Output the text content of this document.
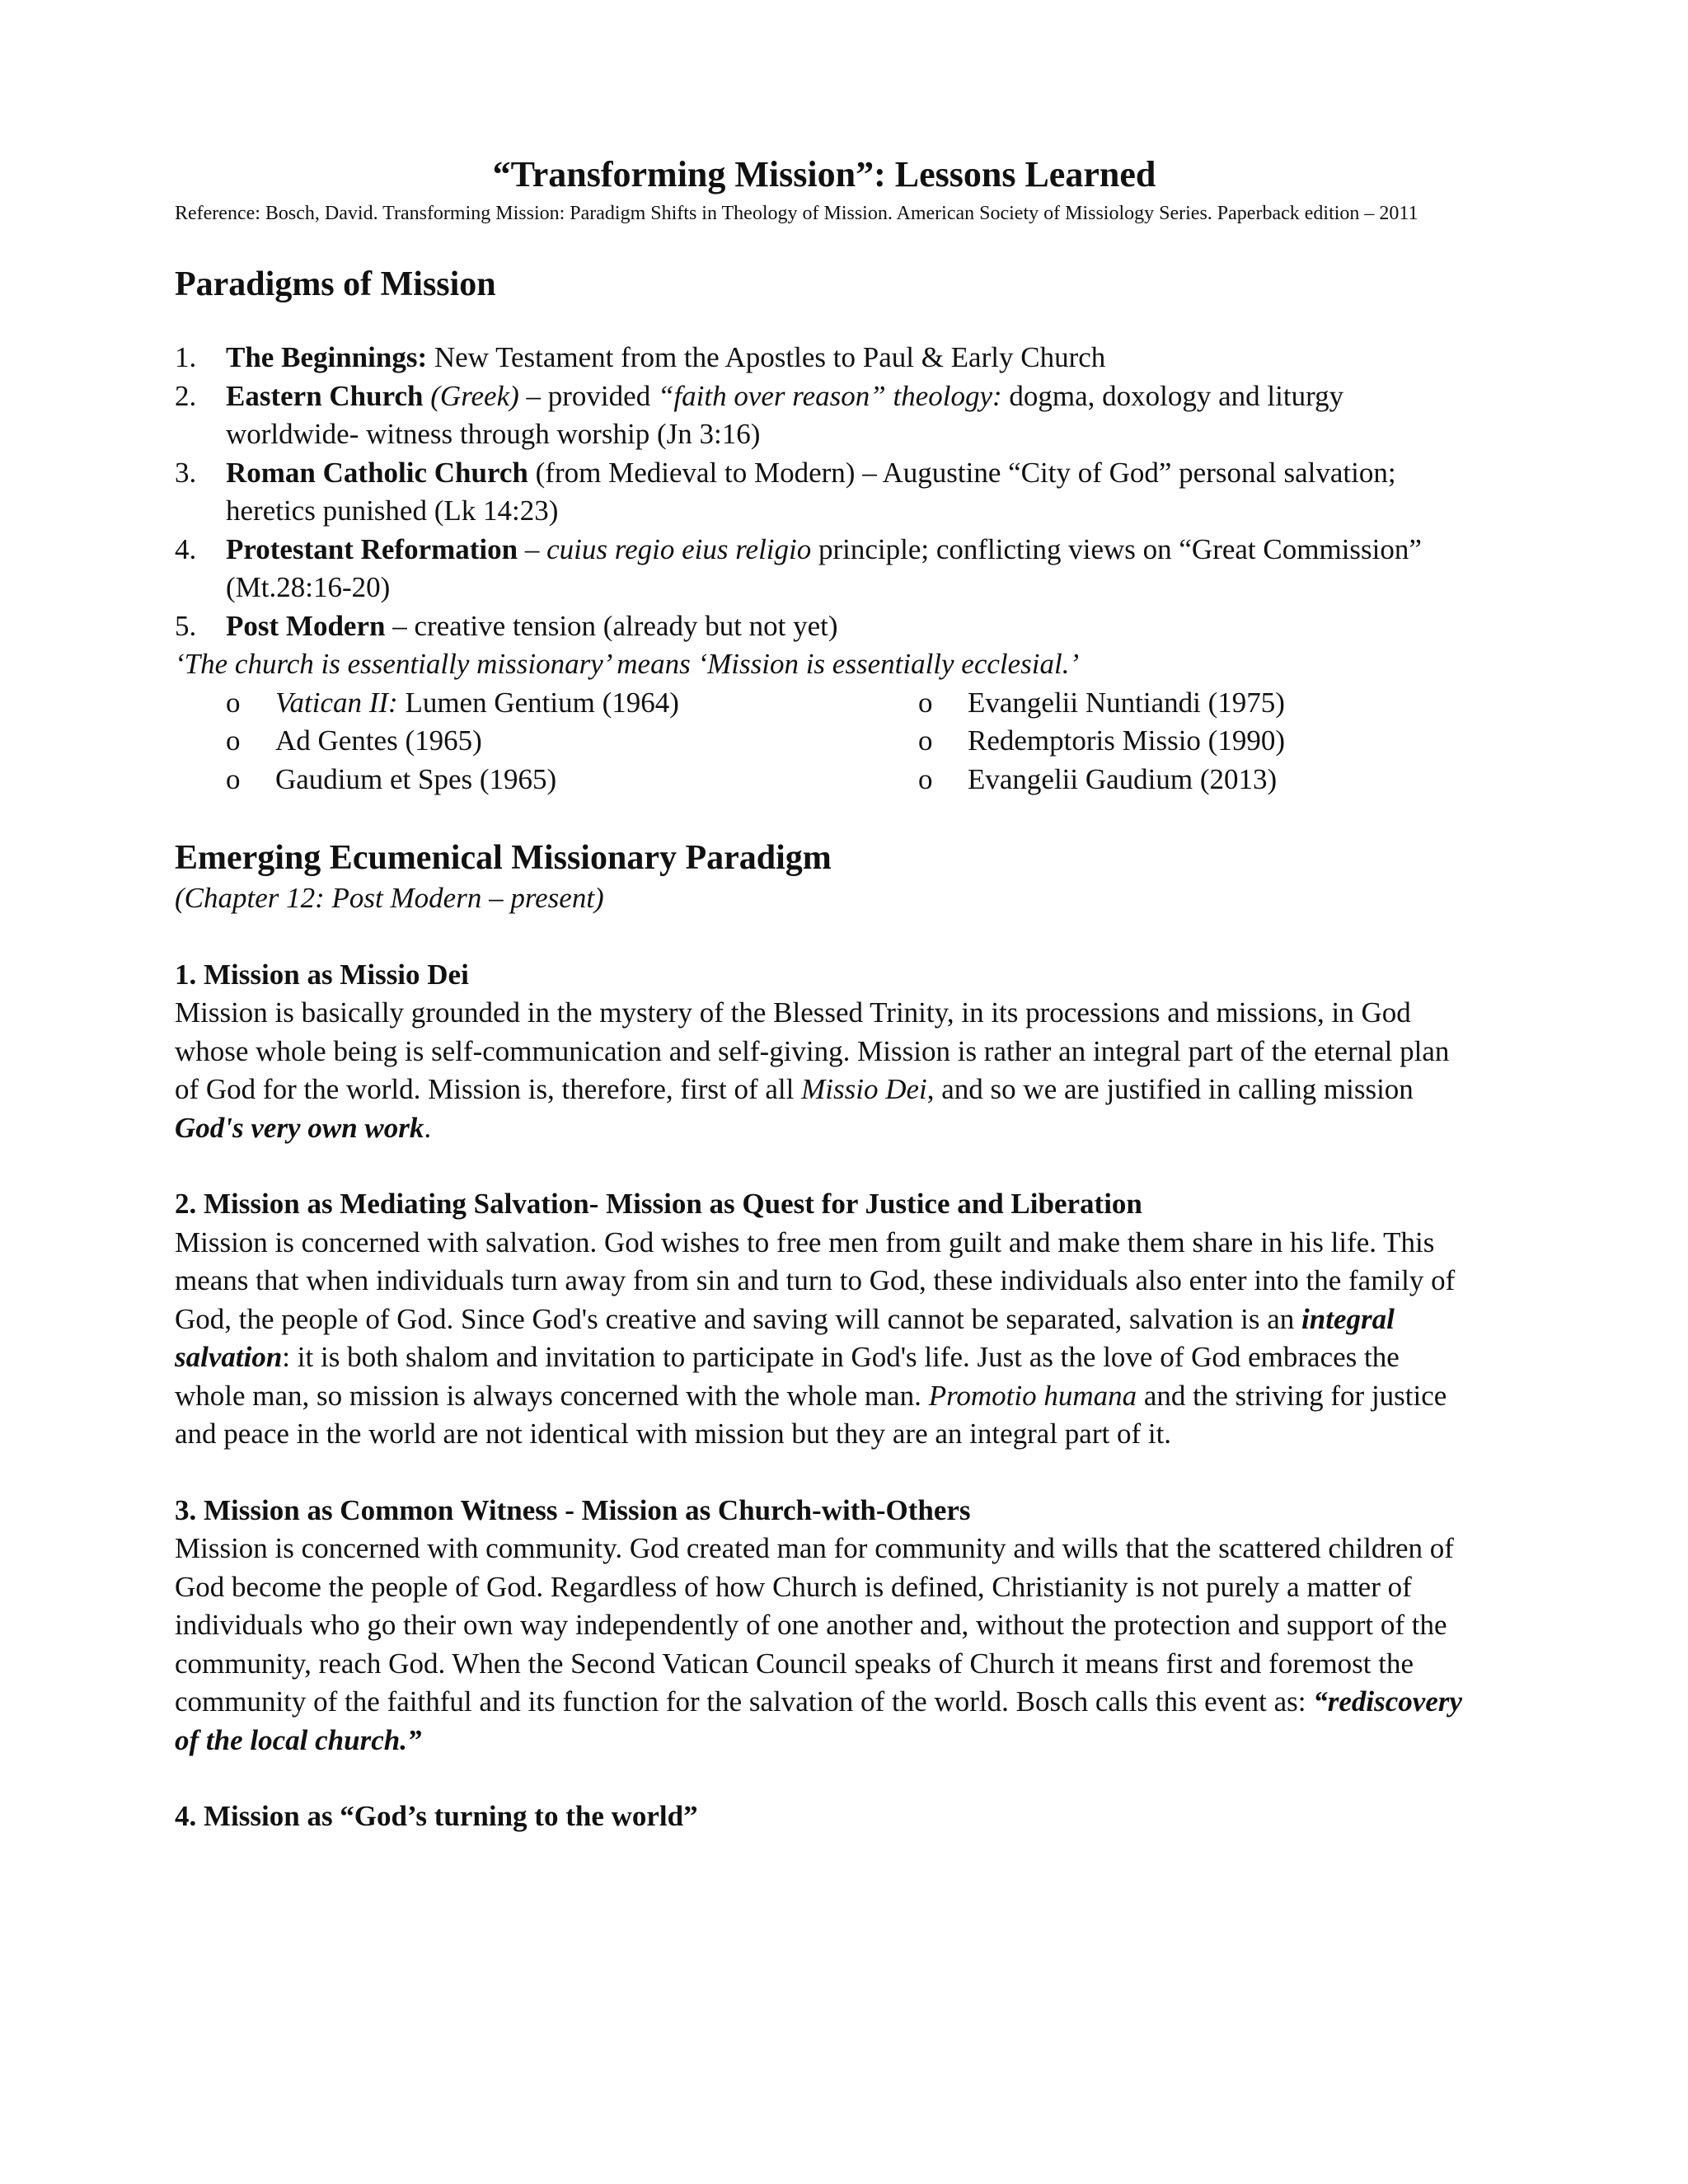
“Transforming Mission”: Lessons Learned

Reference: Bosch, David. Transforming Mission: Paradigm Shifts in Theology of Mission. American Society of Missiology Series. Paperback edition – 2011

Paradigms of Mission
1. The Beginnings: New Testament from the Apostles to Paul & Early Church
2. Eastern Church (Greek) – provided “faith over reason” theology: dogma, doxology and liturgy worldwide- witness through worship (Jn 3:16)
3. Roman Catholic Church (from Medieval to Modern) – Augustine “City of God” personal salvation; heretics punished (Lk 14:23)
4. Protestant Reformation – cuius regio eius religio principle; conflicting views on “Great Commission” (Mt.28:16-20)
5. Post Modern – creative tension (already but not yet)

‘The church is essentially missionary’ means ‘Mission is essentially ecclesial.’

o Vatican II: Lumen Gentium (1964)	o Evangelii Nuntiandi (1975)
o Ad Gentes (1965)	o Redemptoris Missio (1990)
o Gaudium et Spes (1965)	o Evangelii Gaudium (2013)
Emerging Ecumenical Missionary Paradigm

(Chapter 12: Post Modern – present)

1. Mission as Missio Dei

Mission is basically grounded in the mystery of the Blessed Trinity, in its processions and missions, in God whose whole being is self-communication and self-giving. Mission is rather an integral part of the eternal plan of God for the world. Mission is, therefore, first of all Missio Dei, and so we are justified in calling mission God's very own work.

2. Mission as Mediating Salvation- Mission as Quest for Justice and Liberation

Mission is concerned with salvation. God wishes to free men from guilt and make them share in his life. This means that when individuals turn away from sin and turn to God, these individuals also enter into the family of God, the people of God. Since God's creative and saving will cannot be separated, salvation is an integral salvation: it is both shalom and invitation to participate in God's life. Just as the love of God embraces the whole man, so mission is always concerned with the whole man. Promotio humana and the striving for justice and peace in the world are not identical with mission but they are an integral part of it.

3. Mission as Common Witness - Mission as Church-with-Others

Mission is concerned with community. God created man for community and wills that the scattered children of God become the people of God. Regardless of how Church is defined, Christianity is not purely a matter of individuals who go their own way independently of one another and, without the protection and support of the community, reach God. When the Second Vatican Council speaks of Church it means first and foremost the community of the faithful and its function for the salvation of the world. Bosch calls this event as: “rediscovery of the local church.”

4. Mission as “God’s turning to the world”
